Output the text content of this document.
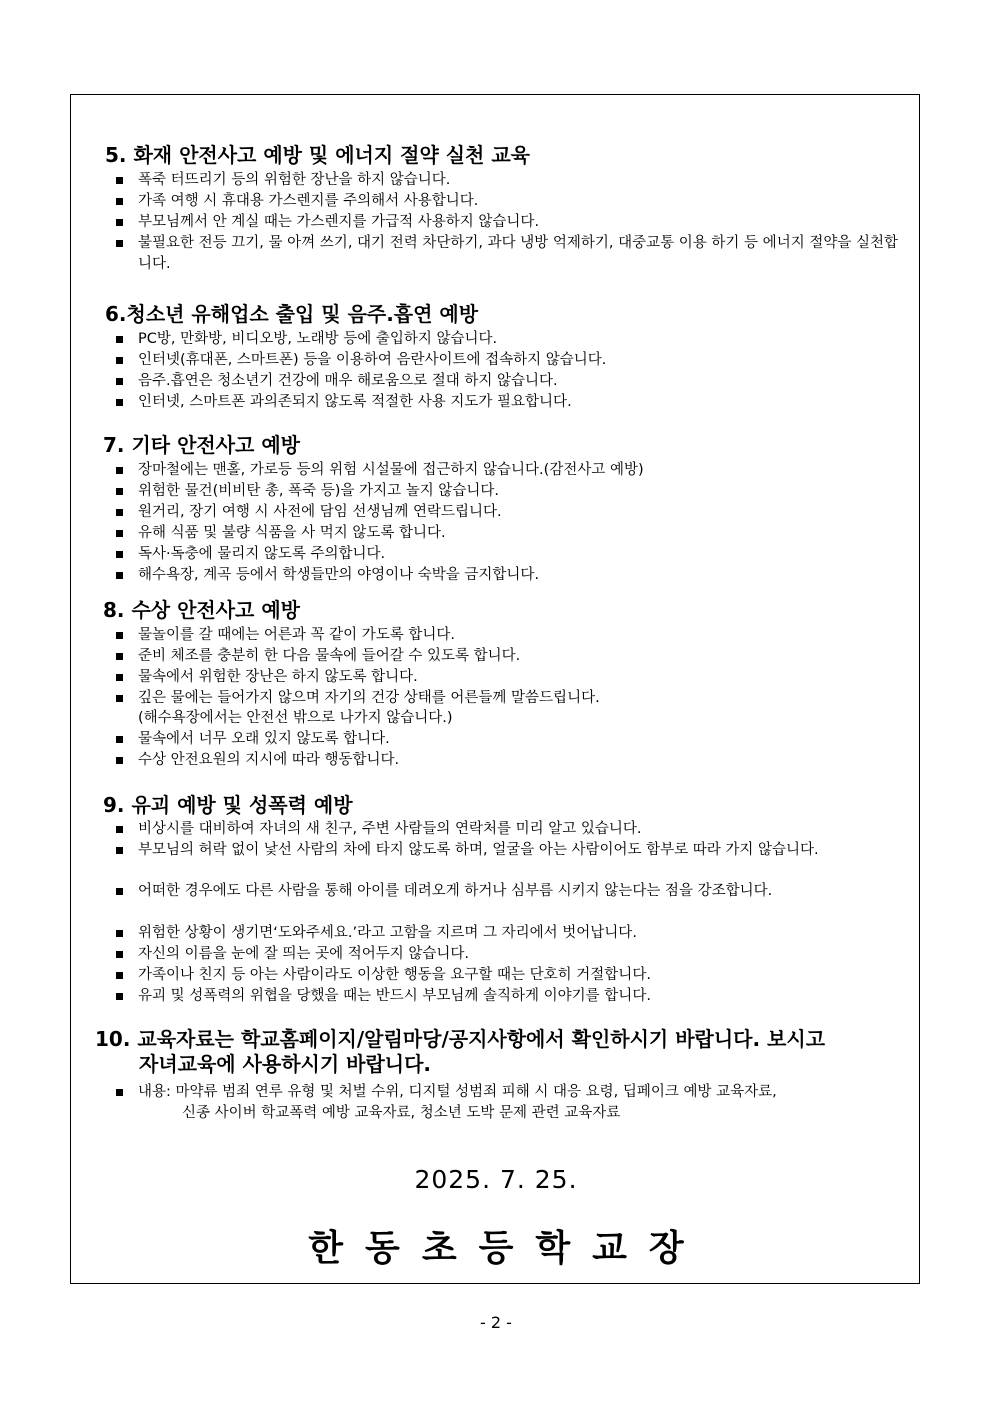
5. 화재 안전사고 예방 및 에너지 절약 실천 교육
폭죽 터뜨리기 등의 위험한 장난을 하지 않습니다.
가족 여행 시 휴대용 가스렌지를 주의해서 사용합니다.
부모님께서 안 계실 때는 가스렌지를 가급적 사용하지 않습니다.
불필요한 전등 끄기, 물 아껴 쓰기, 대기 전력 차단하기, 과다 냉방 억제하기, 대중교통 이용 하기 등 에너지 절약을 실천합니다.
6.청소년 유해업소 출입 및 음주.흡연 예방
PC방, 만화방, 비디오방, 노래방 등에 출입하지 않습니다.
인터넷(휴대폰, 스마트폰) 등을 이용하여 음란사이트에 접속하지 않습니다.
음주.흡연은 청소년기 건강에 매우 해로움으로 절대 하지 않습니다.
인터넷, 스마트폰 과의존되지 않도록 적절한 사용 지도가 필요합니다.
7. 기타 안전사고 예방
장마철에는 맨홀, 가로등 등의 위험 시설물에 접근하지 않습니다.(감전사고 예방)
위험한 물건(비비탄 총, 폭죽 등)을 가지고 놀지 않습니다.
원거리, 장기 여행 시 사전에 담임 선생님께 연락드립니다.
유해 식품 및 불량 식품을 사 먹지 않도록 합니다.
독사·독충에 물리지 않도록 주의합니다.
해수욕장, 계곡 등에서 학생들만의 야영이나 숙박을 금지합니다.
8. 수상 안전사고 예방
물놀이를 갈 때에는 어른과 꼭 같이 가도록 합니다.
준비 체조를 충분히 한 다음 물속에 들어갈 수 있도록 합니다.
물속에서 위험한 장난은 하지 않도록 합니다.
깊은 물에는 들어가지 않으며 자기의 건강 상태를 어른들께 말씀드립니다.
(해수욕장에서는 안전선 밖으로 나가지 않습니다.)
물속에서 너무 오래 있지 않도록 합니다.
수상 안전요원의 지시에 따라 행동합니다.
9. 유괴 예방 및 성폭력 예방
비상시를 대비하여 자녀의 새 친구, 주변 사람들의 연락처를 미리 알고 있습니다.
부모님의 허락 없이 낯선 사람의 차에 타지 않도록 하며, 얼굴을 아는 사람이어도 함부로 따라 가지 않습니다.
어떠한 경우에도 다른 사람을 통해 아이를 데려오게 하거나 심부름 시키지 않는다는 점을 강조합니다.
위험한 상황이 생기면‘도와주세요.’라고 고함을 지르며 그 자리에서 벗어납니다.
자신의 이름을 눈에 잘 띄는 곳에 적어두지 않습니다.
가족이나 친지 등 아는 사람이라도 이상한 행동을 요구할 때는 단호히 거절합니다.
유괴 및 성폭력의 위협을 당했을 때는 반드시 부모님께 솔직하게 이야기를 합니다.
10. 교육자료는 학교홈페이지/알림마당/공지사항에서 확인하시기 바랍니다. 보시고
자녀교육에 사용하시기 바랍니다.
내용: 마약류 범죄 연루 유형 및 처벌 수위, 디지털 성범죄 피해 시 대응 요령, 딥페이크 예방 교육자료,
신종 사이버 학교폭력 예방 교육자료, 청소년 도박 문제 관련 교육자료
2025. 7. 25.
한동초등학교장
- 2 -
